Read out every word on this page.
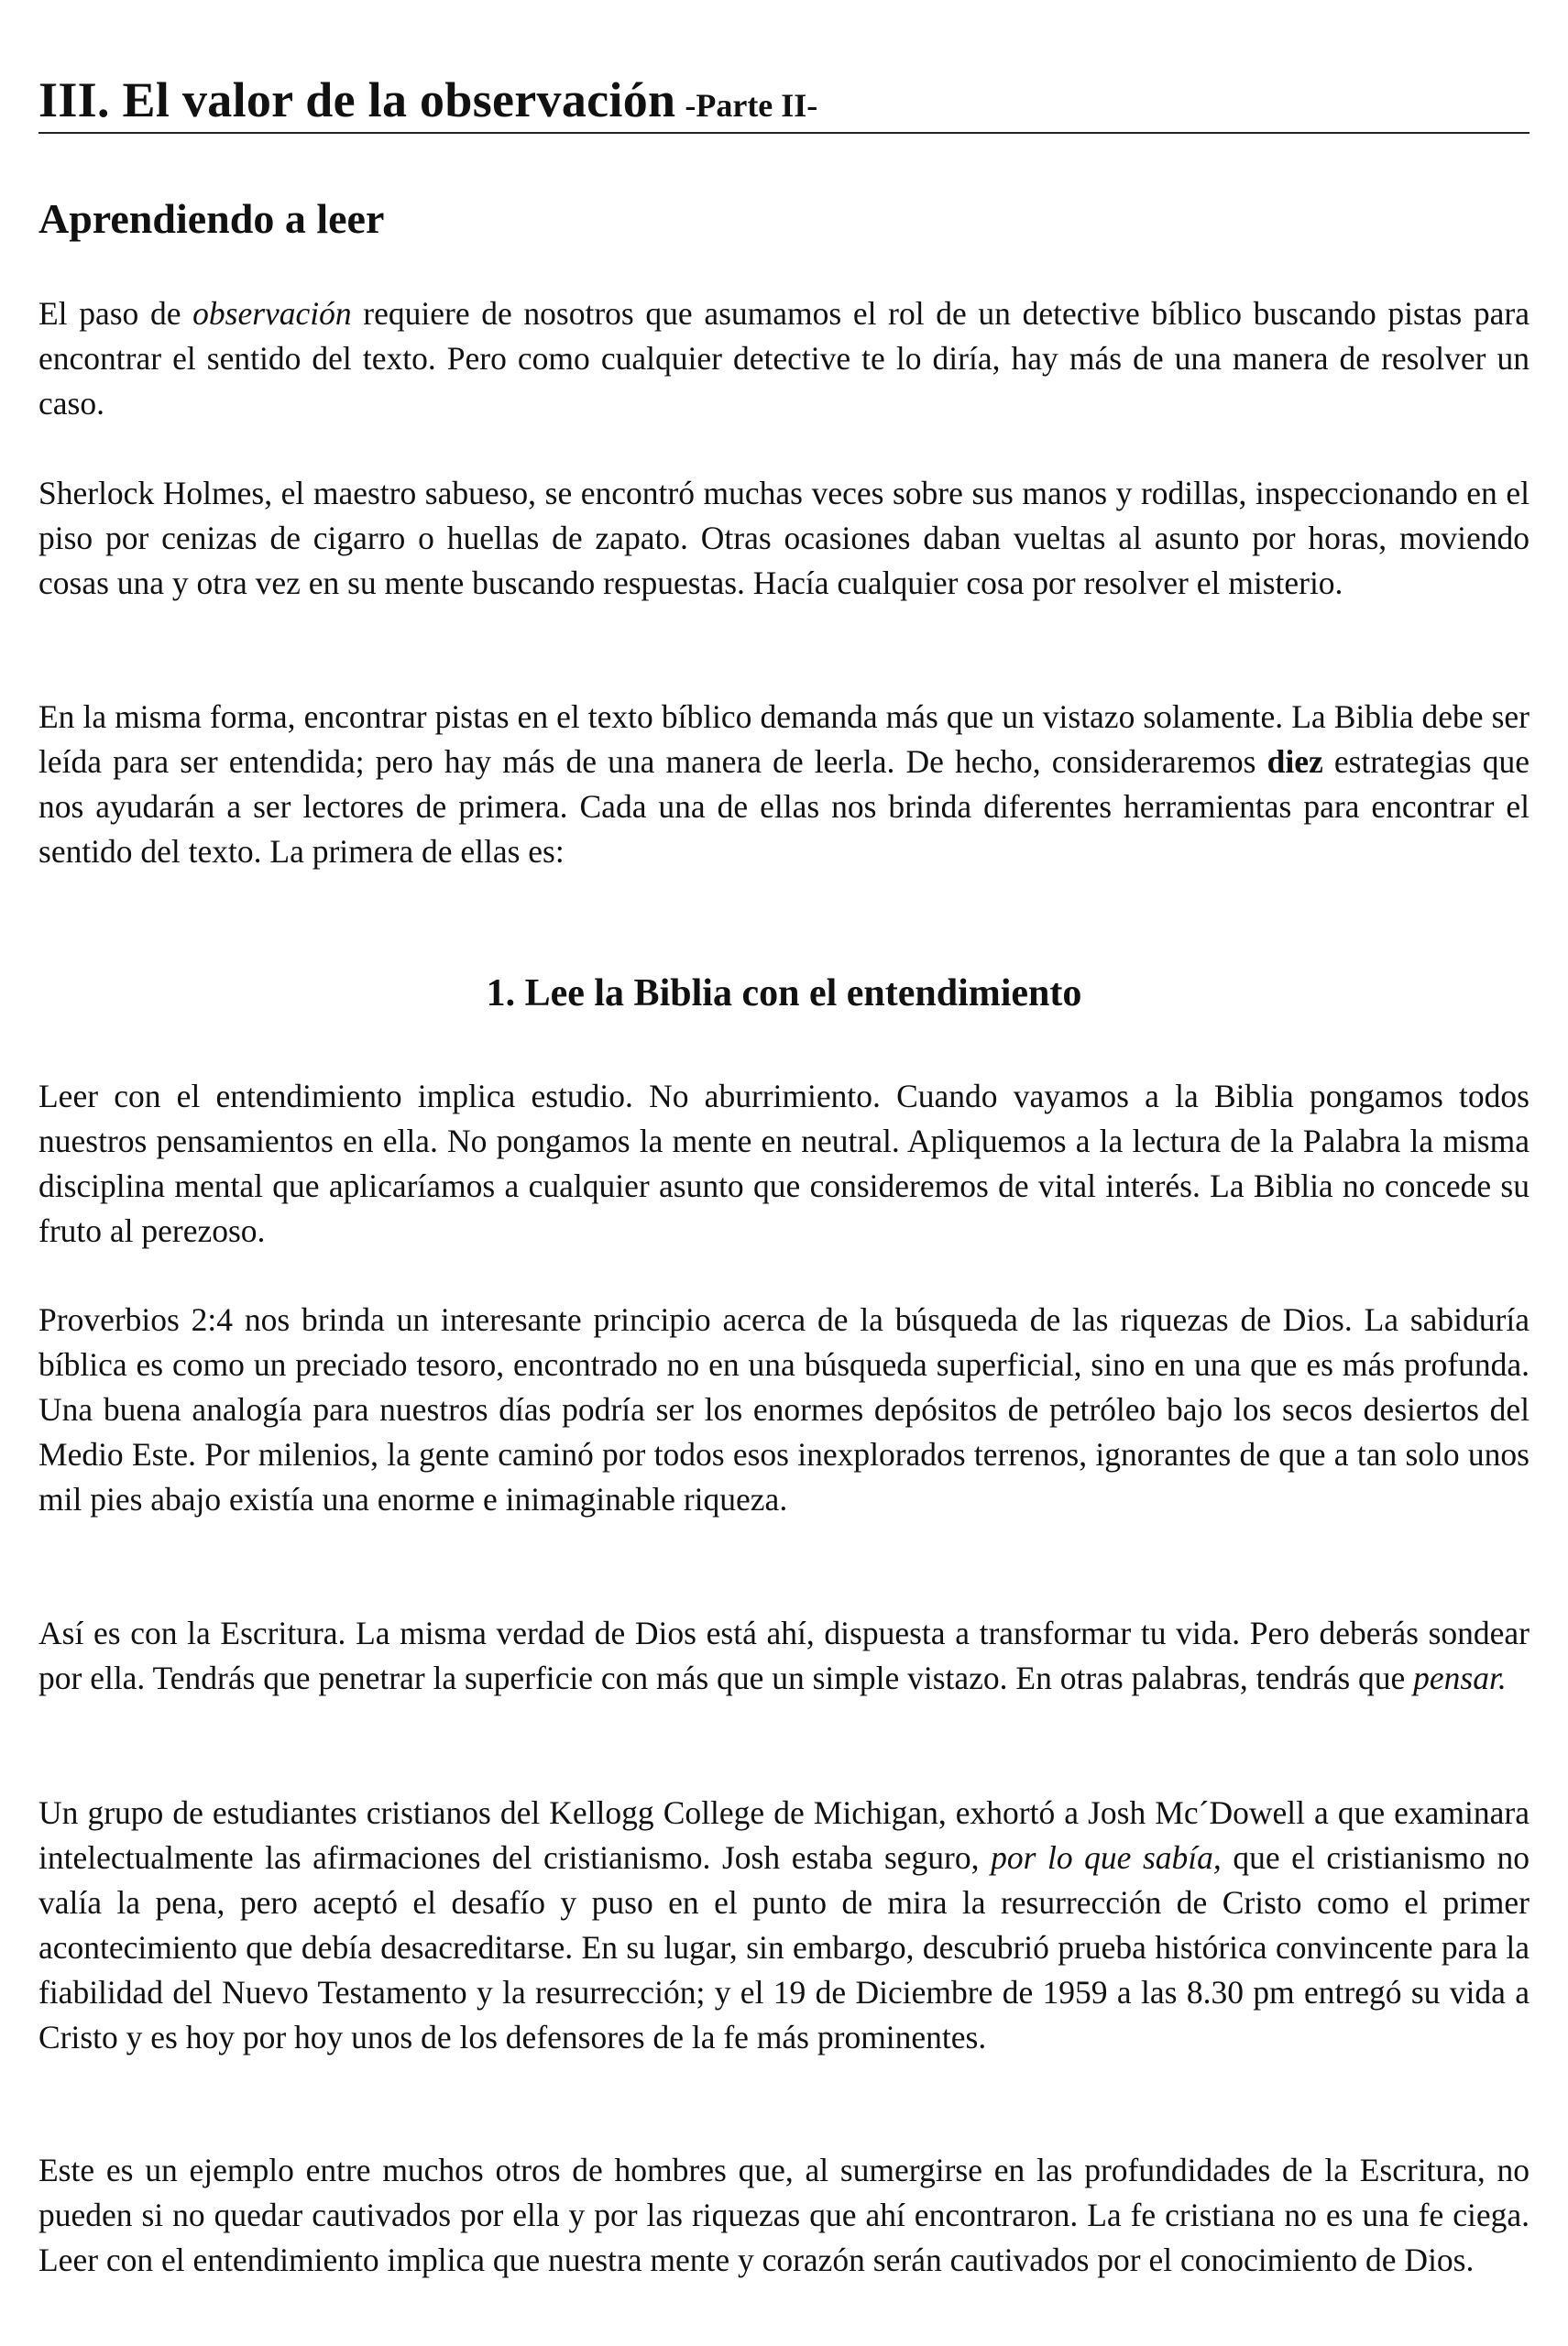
III. El valor de la observación -Parte II-
Aprendiendo a leer

El paso de observación requiere de nosotros que asumamos el rol de un detective bíblico buscando pistas para encontrar el sentido del texto. Pero como cualquier detective te lo diría, hay más de una manera de resolver un caso.

Sherlock Holmes, el maestro sabueso, se encontró muchas veces sobre sus manos y rodillas, inspeccionando en el piso por cenizas de cigarro o huellas de zapato. Otras ocasiones daban vueltas al asunto por horas, moviendo cosas una y otra vez en su mente buscando respuestas. Hacía cualquier cosa por resolver el misterio.

En la misma forma, encontrar pistas en el texto bíblico demanda más que un vistazo solamente. La Biblia debe ser leída para ser entendida; pero hay más de una manera de leerla. De hecho, consideraremos diez estrategias que nos ayudarán a ser lectores de primera. Cada una de ellas nos brinda diferentes herramientas para encontrar el sentido del texto. La primera de ellas es:

1. Lee la Biblia con el entendimiento

Leer con el entendimiento implica estudio. No aburrimiento. Cuando vayamos a la Biblia pongamos todos nuestros pensamientos en ella. No pongamos la mente en neutral. Apliquemos a la lectura de la Palabra la misma disciplina mental que aplicaríamos a cualquier asunto que consideremos de vital interés. La Biblia no concede su fruto al perezoso.

Proverbios 2:4 nos brinda un interesante principio acerca de la búsqueda de las riquezas de Dios. La sabiduría bíblica es como un preciado tesoro, encontrado no en una búsqueda superficial, sino en una que es más profunda. Una buena analogía para nuestros días podría ser los enormes depósitos de petróleo bajo los secos desiertos del Medio Este. Por milenios, la gente caminó por todos esos inexplorados terrenos, ignorantes de que a tan solo unos mil pies abajo existía una enorme e inimaginable riqueza.

Así es con la Escritura. La misma verdad de Dios está ahí, dispuesta a transformar tu vida. Pero deberás sondear por ella. Tendrás que penetrar la superficie con más que un simple vistazo. En otras palabras, tendrás que pensar.

Un grupo de estudiantes cristianos del Kellogg College de Michigan, exhortó a Josh Mc´Dowell a que examinara intelectualmente las afirmaciones del cristianismo. Josh estaba seguro, por lo que sabía, que el cristianismo no valía la pena, pero aceptó el desafío y puso en el punto de mira la resurrección de Cristo como el primer acontecimiento que debía desacreditarse. En su lugar, sin embargo, descubrió prueba histórica convincente para la fiabilidad del Nuevo Testamento y la resurrección; y el 19 de Diciembre de 1959 a las 8.30 pm entregó su vida a Cristo y es hoy por hoy unos de los defensores de la fe más prominentes.

Este es un ejemplo entre muchos otros de hombres que, al sumergirse en las profundidades de la Escritura, no pueden si no quedar cautivados por ella y por las riquezas que ahí encontraron. La fe cristiana no es una fe ciega. Leer con el entendimiento implica que nuestra mente y corazón serán cautivados por el conocimiento de Dios.
